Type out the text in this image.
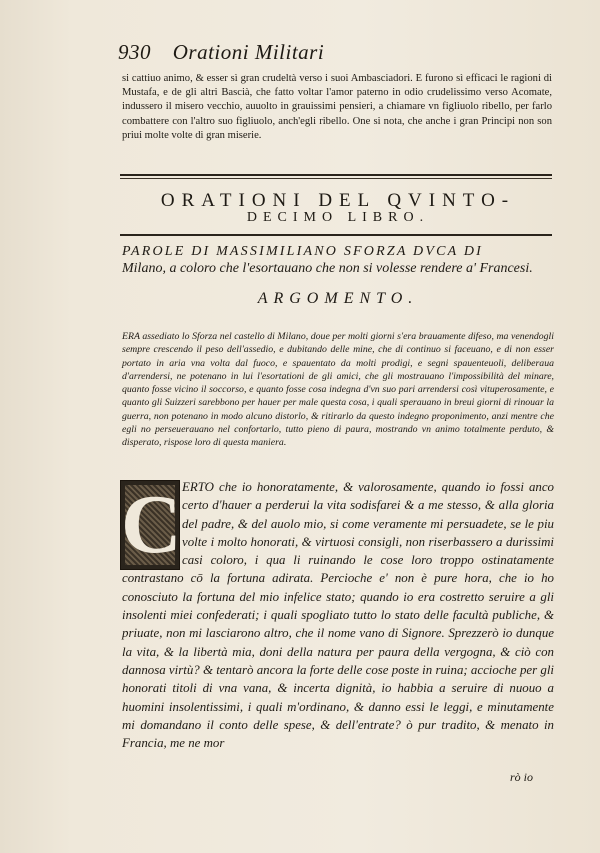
930 Orationi Militari
si cattiuo animo, & esser sì gran crudeltà verso i suoi Ambasciadori. E furono sì efficaci le ragioni di Mustafa, e de gli altri Bascià, che fatto voltar l'amor paterno in odio crudelissimo verso Acomate, indussero il misero vecchio, auuolto in grauissimi pensieri, a chiamare vn figliuolo ribello, per farlo combattere con l'altro suo figliuolo, anch'egli ribello. One si nota, che anche i gran Principi non son priui molte volte di gran miserie.
ORATIONI DEL QVINTO-
DECIMO LIBRO.
PAROLE DI MASSIMILIANO SFORZA DVCA DI
Milano, a coloro che l'esortauano che non si volesse rendere a' Francesi.
ARGOMENTO.
ERA assediato lo Sforza nel castello di Milano, doue per molti giorni s'era brauamente difeso, ma venendogli sempre crescendo il peso dell'assedio, e dubitando delle mine, che di continuo si faceuano, e di non esser portato in aria vna volta dal fuoco, e spauentato da molti prodigi, e segni spauenteuoli, deliberaua d'arrendersi, ne potenano in lui l'esortationi de gli amici, che gli mostrauano l'impossibilità del minare, quanto fosse vicino il soccorso, e quanto fosse cosa indegna d'vn suo pari arrendersi così vituperosamente, e quanto gli Suizzeri sarebbono per hauer per male questa cosa, i quali sperauano in breui giorni di rinouar la guerra, non potenano in modo alcuno distorlo, & ritirarlo da questo indegno proponimento, anzi mentre che egli no perseuerauano nel confortarlo, tutto pieno di paura, mostrando vn animo totalmente perduto, & disperato, rispose loro di questa maniera.
C ERTO che io honoratamente, & valorosamente, quando io fossi anco certo d'hauer a perderui la vita sodisfarei & a me stesso, & alla gloria del padre, & del auolo mio, si come veramente mi persuadete, se le piu volte i molto honorati, & virtuosi consigli, non riserbassero a durissimi casi coloro, i qua li ruinando le cose loro troppo ostinatamente contrastano cō la fortuna adirata. Percioche e' non è pure hora, che io ho conosciuto la fortuna del mio infelice stato; quando io era costretto seruire a gli insolenti miei confederati; i quali spogliato tutto lo stato delle facultà publiche, & priuate, non mi lasciarono altro, che il nome vano di Signore. Sprezzerò io dunque la vita, & la libertà mia, doni della natura per paura della vergogna, & ciò con dannosa virtù? & tentarò ancora la forte delle cose poste in ruina; accioche per gli honorati titoli di vna vana, & incerta dignità, io habbia a seruire di nuouo a huomini insolentissimi, i quali m'ordinano, & danno essi le leggi, e minutamente mi domandano il conto delle spese, & dell'entrate? ò pur tradito, & menato in Francia, me ne mor
rò io
